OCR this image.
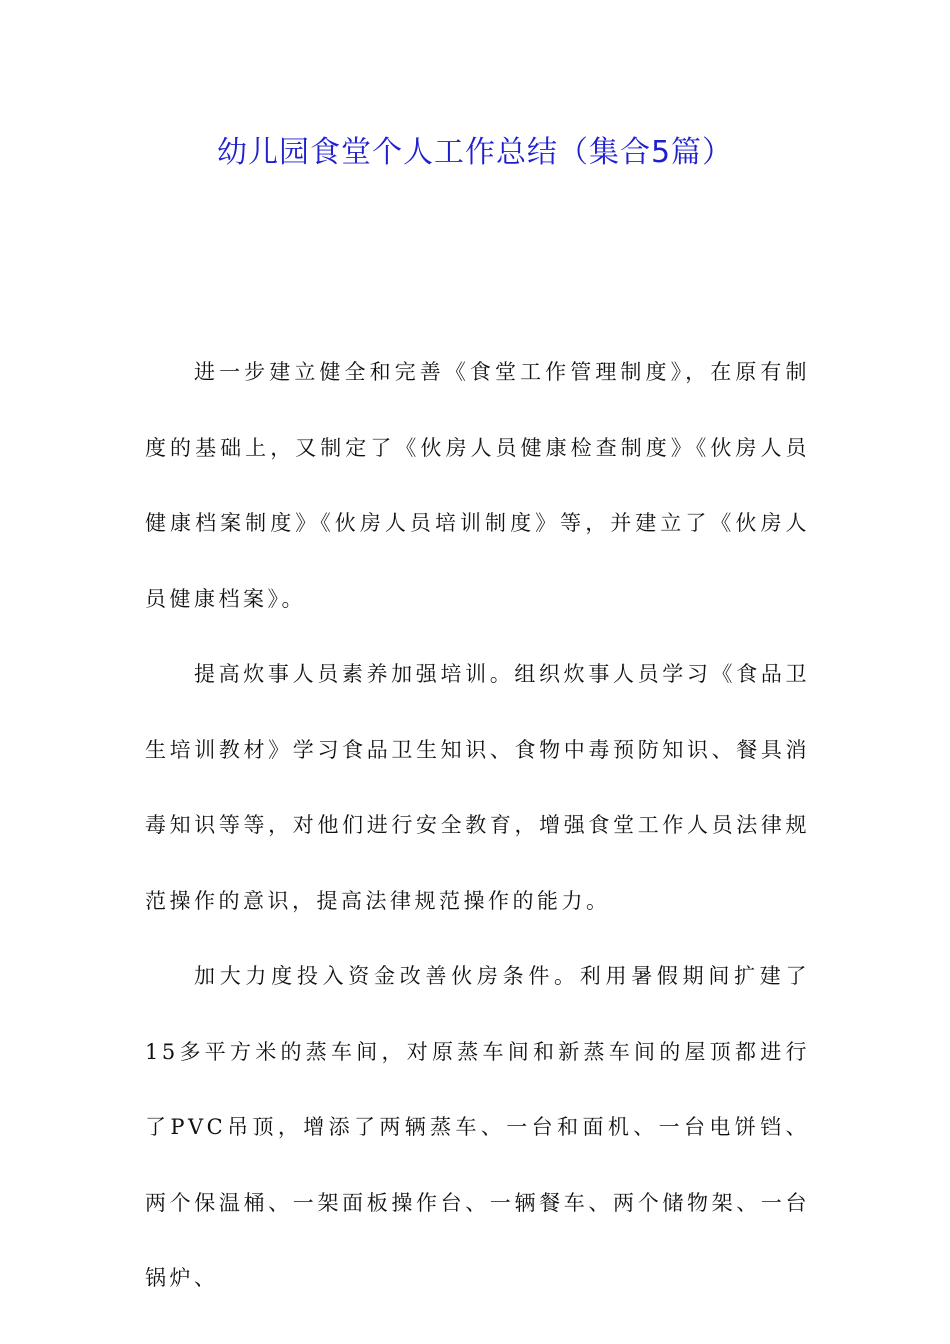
幼儿园食堂个人工作总结（集合5篇）

进一步建立健全和完善《食堂工作管理制度》，在原有制度的基础上，又制定了《伙房人员健康检查制度》《伙房人员健康档案制度》《伙房人员培训制度》等，并建立了《伙房人员健康档案》。

提高炊事人员素养加强培训。组织炊事人员学习《食品卫生培训教材》学习食品卫生知识、食物中毒预防知识、餐具消毒知识等等，对他们进行安全教育，增强食堂工作人员法律规范操作的意识，提高法律规范操作的能力。

加大力度投入资金改善伙房条件。利用暑假期间扩建了15多平方米的蒸车间，对原蒸车间和新蒸车间的屋顶都进行了PVC吊顶，增添了两辆蒸车、一台和面机、一台电饼铛、两个保温桶、一架面板操作台、一辆餐车、两个储物架、一台锅炉、
